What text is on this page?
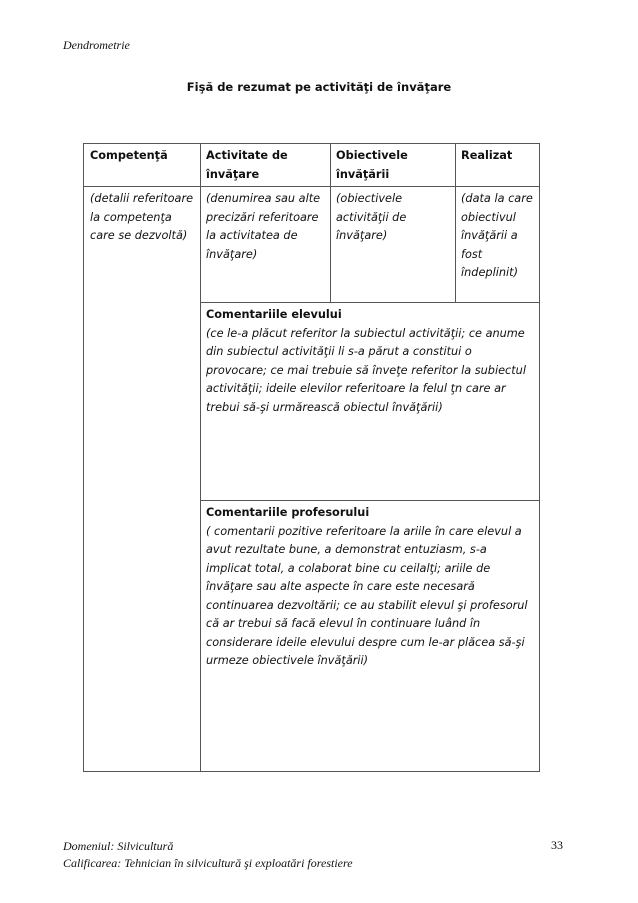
Dendrometrie
Fişă de rezumat pe activităţi de învăţare
Competenţă	Activitate de învăţare	Obiectivele învăţării	Realizat
(detalii referitoare la competenţa care se dezvoltă)	(denumirea sau alte precizări referitoare la activitatea de învăţare)	(obiectivele activităţii de învăţare)	(data la care obiectivul învăţării a fost îndeplinit)

	Comentariile elevului
(ce le-a plăcut referitor la subiectul activităţii; ce anume din subiectul activităţii li s-a părut a constitui o provocare; ce mai trebuie să înveţe referitor la subiectul activităţii; ideile elevilor referitoare la felul ţn care ar trebui să-şi urmărească obiectul învăţării)		

	Comentariile profesorului
( comentarii pozitive referitoare la ariile în care elevul a avut rezultate bune, a demonstrat entuziasm, s-a implicat total, a colaborat bine cu ceilalţi; ariile de învăţare sau alte aspecte în care este necesară continuarea dezvoltării; ce au stabilit elevul şi profesorul că ar trebui să facă elevul în continuare luând în considerare ideile elevului despre cum le-ar plăcea să-şi urmeze obiectivele învăţării)		
Domeniul: Silvicultură
Calificarea: Tehnician în silvicultură şi exploatări forestiere
33
